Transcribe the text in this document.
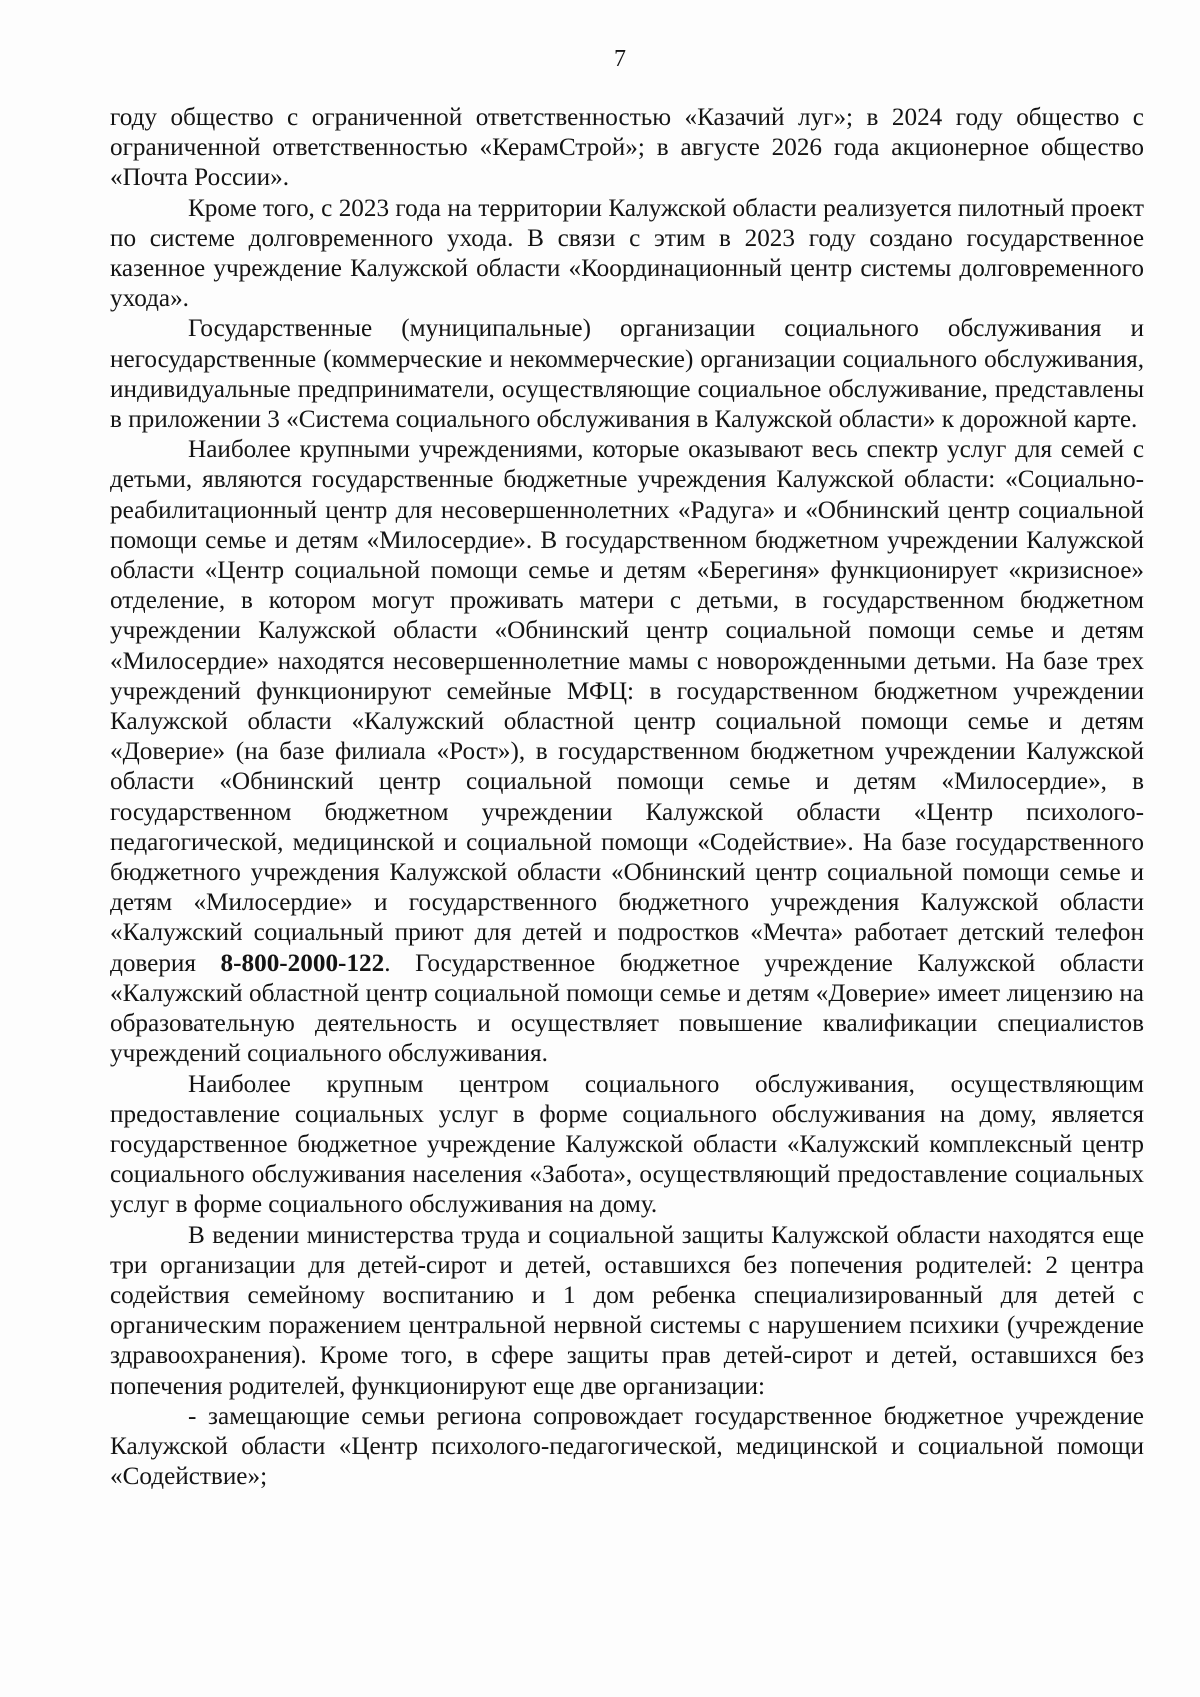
7

году общество с ограниченной ответственностью «Казачий луг»; в 2024 году общество с ограниченной ответственностью «КерамСтрой»; в августе 2026 года акционерное общество «Почта России».

Кроме того, с 2023 года на территории Калужской области реализуется пилотный проект по системе долговременного ухода. В связи с этим в 2023 году создано государственное казенное учреждение Калужской области «Координационный центр системы долговременного ухода».

Государственные (муниципальные) организации социального обслуживания и негосударственные (коммерческие и некоммерческие) организации социального обслуживания, индивидуальные предприниматели, осуществляющие социальное обслуживание, представлены в приложении 3 «Система социального обслуживания в Калужской области» к дорожной карте.

Наиболее крупными учреждениями, которые оказывают весь спектр услуг для семей с детьми, являются государственные бюджетные учреждения Калужской области: «Социально-реабилитационный центр для несовершеннолетних «Радуга» и «Обнинский центр социальной помощи семье и детям «Милосердие». В государственном бюджетном учреждении Калужской области «Центр социальной помощи семье и детям «Берегиня» функционирует «кризисное» отделение, в котором могут проживать матери с детьми, в государственном бюджетном учреждении Калужской области «Обнинский центр социальной помощи семье и детям «Милосердие» находятся несовершеннолетние мамы с новорожденными детьми. На базе трех учреждений функционируют семейные МФЦ: в государственном бюджетном учреждении Калужской области «Калужский областной центр социальной помощи семье и детям «Доверие» (на базе филиала «Рост»), в государственном бюджетном учреждении Калужской области «Обнинский центр социальной помощи семье и детям «Милосердие», в государственном бюджетном учреждении Калужской области «Центр психолого-педагогической, медицинской и социальной помощи «Содействие». На базе государственного бюджетного учреждения Калужской области «Обнинский центр социальной помощи семье и детям «Милосердие» и государственного бюджетного учреждения Калужской области «Калужский социальный приют для детей и подростков «Мечта» работает детский телефон доверия 8-800-2000-122. Государственное бюджетное учреждение Калужской области «Калужский областной центр социальной помощи семье и детям «Доверие» имеет лицензию на образовательную деятельность и осуществляет повышение квалификации специалистов учреждений социального обслуживания.

Наиболее крупным центром социального обслуживания, осуществляющим предоставление социальных услуг в форме социального обслуживания на дому, является государственное бюджетное учреждение Калужской области «Калужский комплексный центр социального обслуживания населения «Забота», осуществляющий предоставление социальных услуг в форме социального обслуживания на дому.

В ведении министерства труда и социальной защиты Калужской области находятся еще три организации для детей-сирот и детей, оставшихся без попечения родителей: 2 центра содействия семейному воспитанию и 1 дом ребенка специализированный для детей с органическим поражением центральной нервной системы с нарушением психики (учреждение здравоохранения). Кроме того, в сфере защиты прав детей-сирот и детей, оставшихся без попечения родителей, функционируют еще две организации:

- замещающие семьи региона сопровождает государственное бюджетное учреждение Калужской области «Центр психолого-педагогической, медицинской и социальной помощи «Содействие»;
